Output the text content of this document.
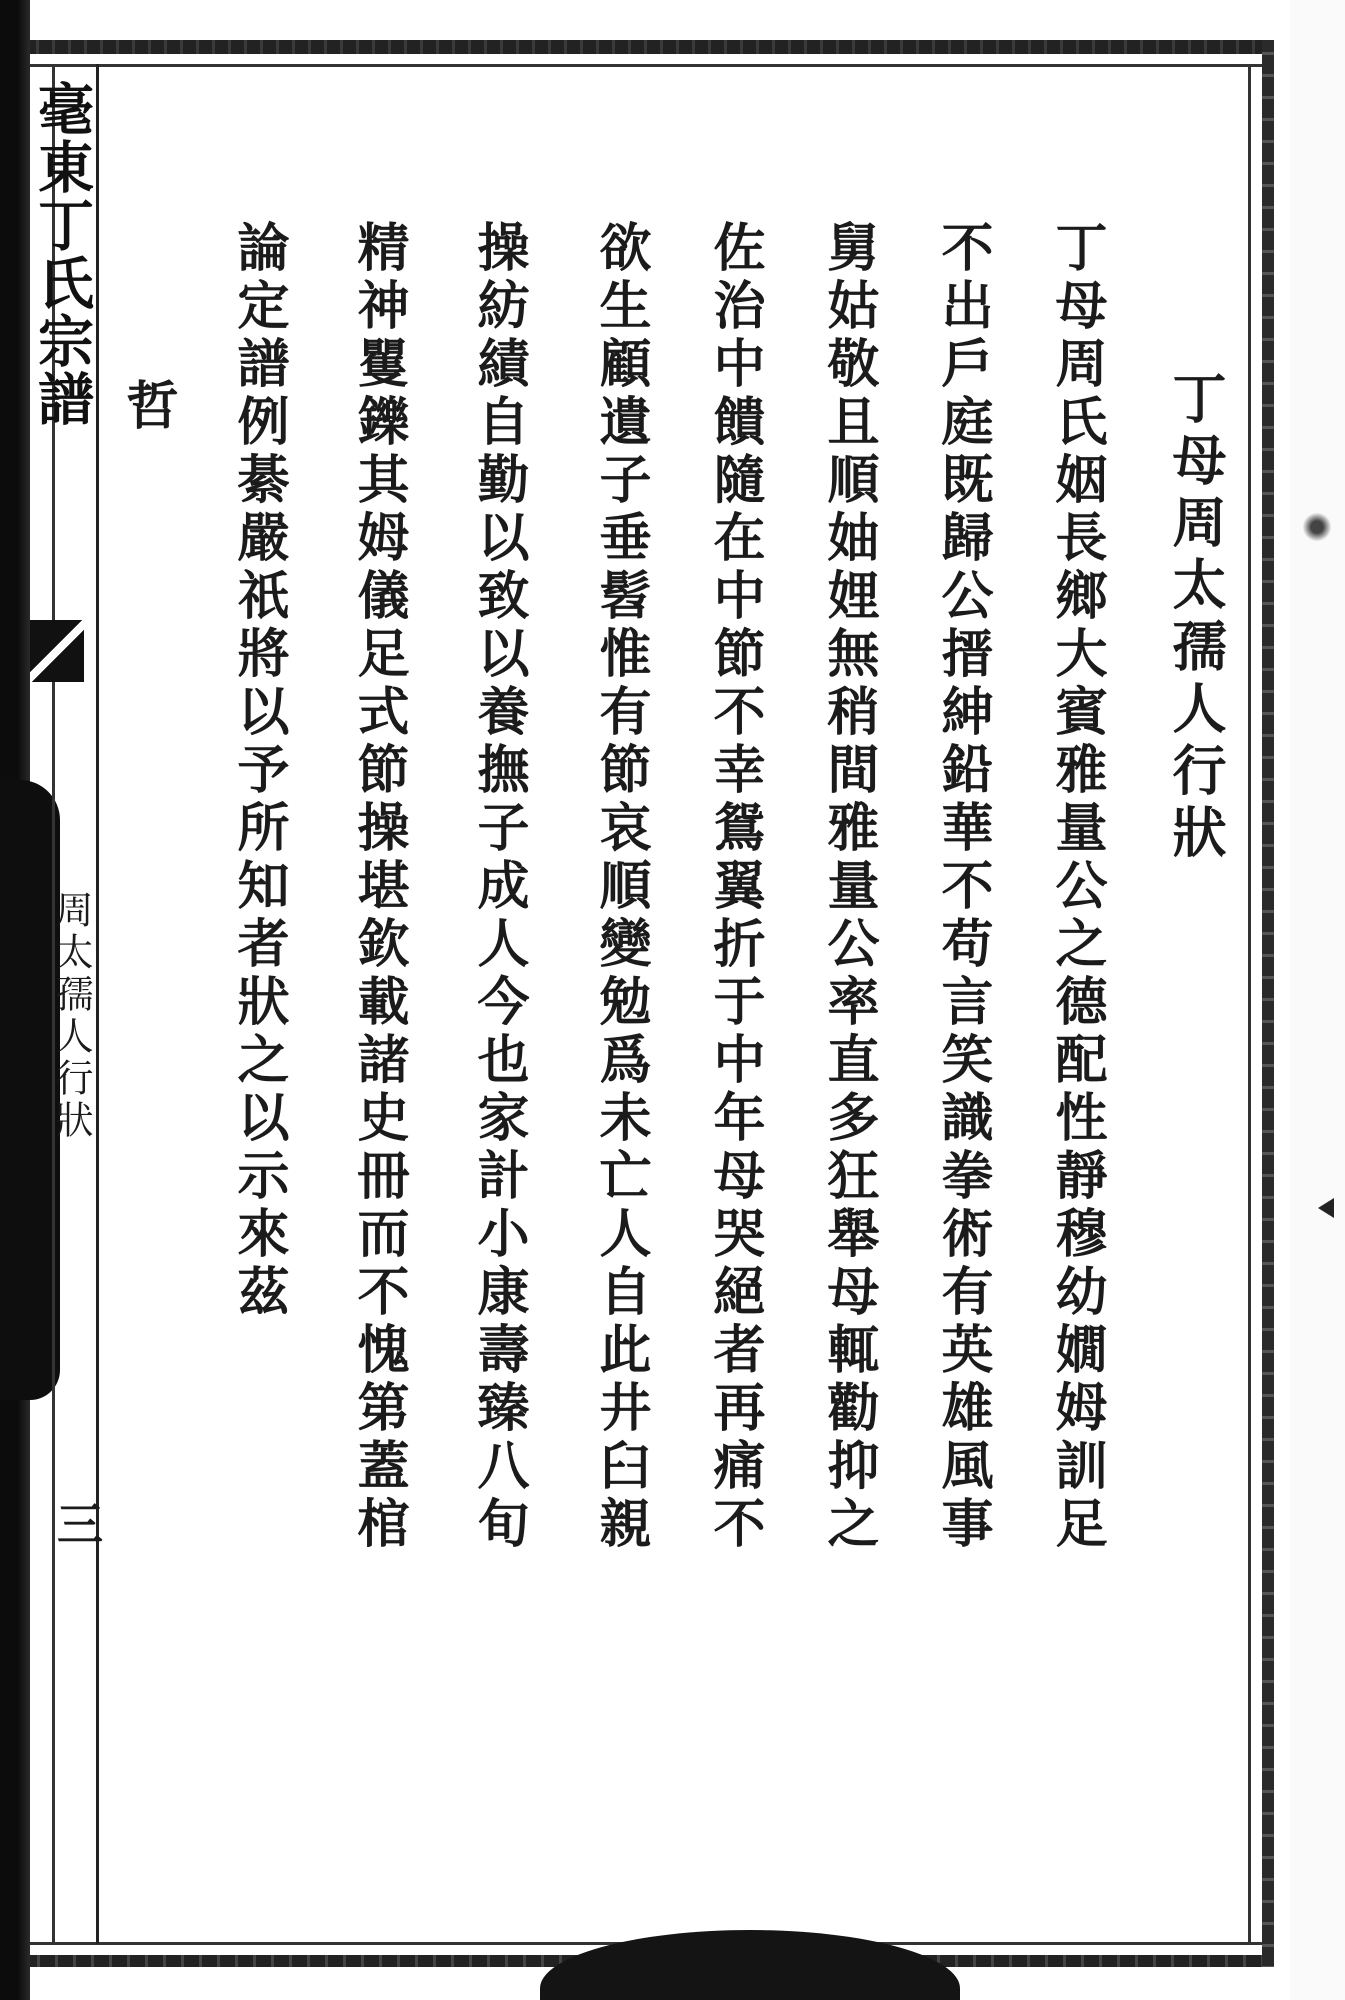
毫東丁氏宗譜
周太孺人行狀
三
丁母周太孺人行狀
丁母周氏姻長鄉大賓雅量公之德配性靜穆幼嫺姆訓足
不出戶庭既歸公搢紳鉛華不苟言笑識拳術有英雄風事
舅姑敬且順妯娌無稍間雅量公率直多狂舉母輒勸抑之
佐治中饋隨在中節不幸鴛翼折于中年母哭絕者再痛不
欲生顧遺子垂髫惟有節哀順變勉爲未亡人自此井臼親
操紡績自勤以致以養撫子成人今也家計小康壽臻八旬
精神矍鑠其姆儀足式節操堪欽載諸史冊而不愧第蓋棺
論定譜例綦嚴祇將以予所知者狀之以示來茲
哲
